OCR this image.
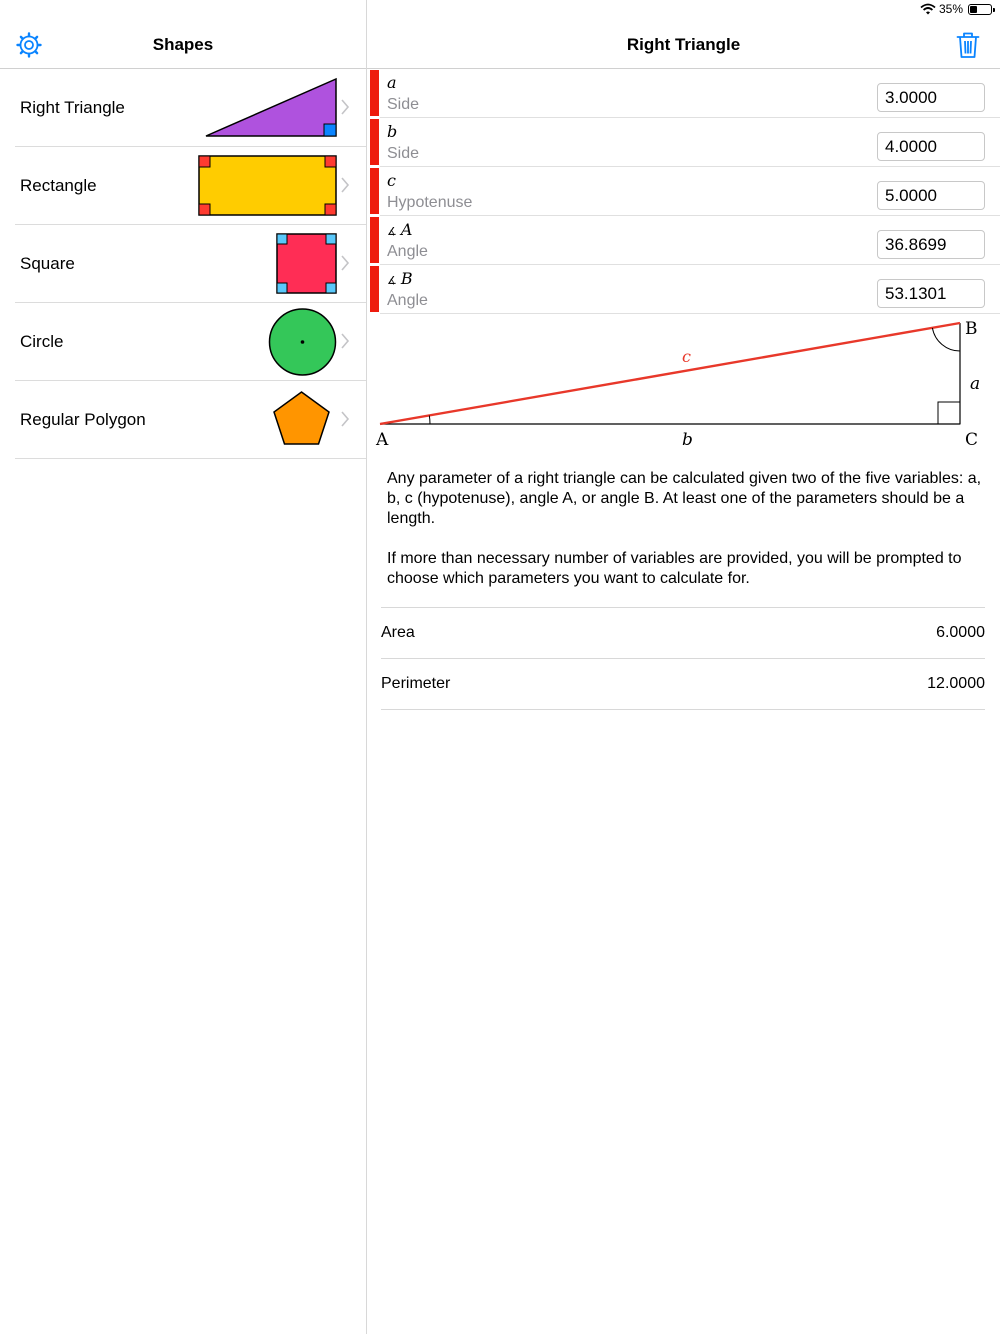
35%
Shapes
Right Triangle
Rectangle
Square
Circle
Regular Polygon
Right Triangle
a
Side
3.0000
b
Side
4.0000
c
Hypotenuse
5.0000
∡ A
Angle
36.8699
∡ B
Angle
53.1301
A
B
C
a
b
c

Any parameter of a right triangle can be calculated given two of the five variables: a, b, c (hypotenuse), angle A, or angle B. At least one of the parameters should be a length.

If more than necessary number of variables are provided, you will be prompted to choose which parameters you want to calculate for.

Area	6.0000
Perimeter	12.0000
